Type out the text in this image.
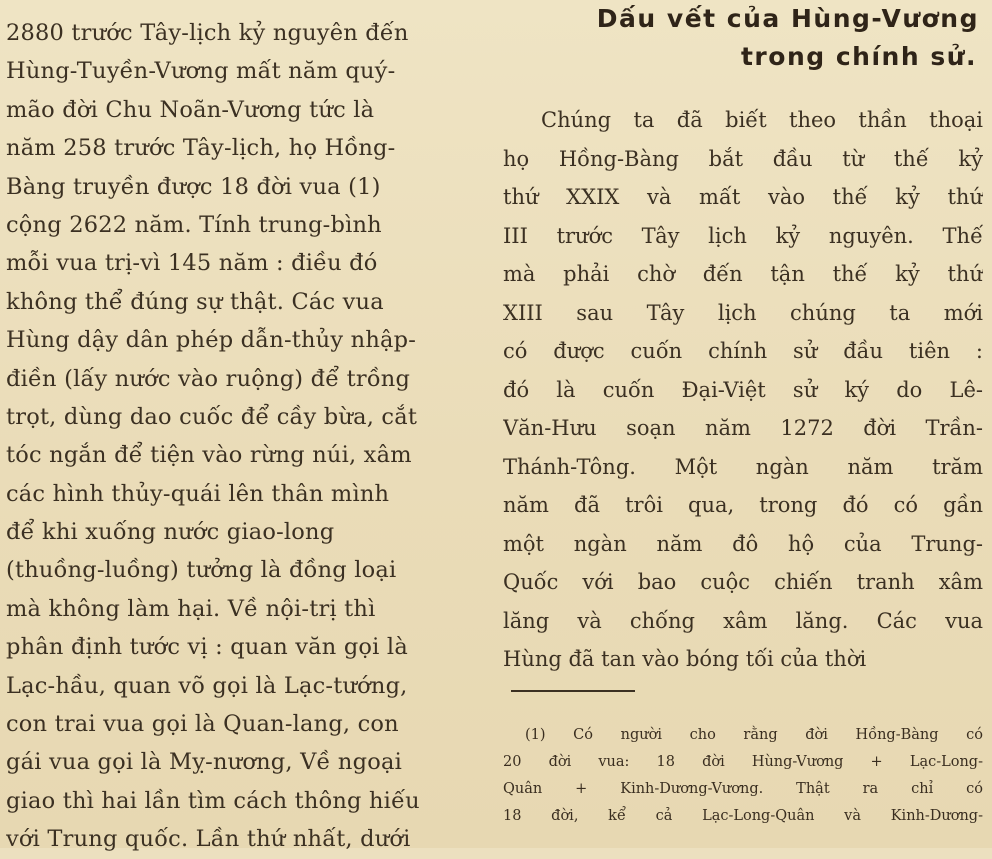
2880 trước Tây-lịch kỷ nguyên đến
Hùng-Tuyền-Vương mất năm quý-
mão đời Chu Noãn-Vương tức là
năm 258 trước Tây-lịch, họ Hồng-
Bàng truyền được 18 đời vua (1)
cộng 2622 năm. Tính trung-bình
mỗi vua trị-vì 145 năm : điều đó
không thể đúng sự thật. Các vua
Hùng dậy dân phép dẫn-thủy nhập-
điền (lấy nước vào ruộng) để trồng
trọt, dùng dao cuốc để cầy bừa, cắt
tóc ngắn để tiện vào rừng núi, xâm
các hình thủy-quái lên thân mình
để khi xuống nước giao-long
(thuồng-luồng) tưởng là đồng loại
mà không làm hại. Về nội-trị thì
phân định tước vị : quan văn gọi là
Lạc-hầu, quan võ gọi là Lạc-tướng,
con trai vua gọi là Quan-lang, con
gái vua gọi là Mỵ-nương, Về ngoại
giao thì hai lần tìm cách thông hiếu
với Trung quốc. Lần thứ nhất, dưới
Dấu vết của Hùng-Vương
trong chính sử.
Chúng ta đã biết theo thần thoại
họ Hồng-Bàng bắt đầu từ thế kỷ
thứ XXIX và mất vào thế kỷ thứ
III trước Tây lịch kỷ nguyên. Thế
mà phải chờ đến tận thế kỷ thứ
XIII sau Tây lịch chúng ta mới
có được cuốn chính sử đầu tiên :
đó là cuốn Đại-Việt sử ký do Lê-
Văn-Hưu soạn năm 1272 đời Trần-
Thánh-Tông. Một ngàn năm trăm
năm đã trôi qua, trong đó có gần
một ngàn năm đô hộ của Trung-
Quốc với bao cuộc chiến tranh xâm
lăng và chống xâm lăng. Các vua
Hùng đã tan vào bóng tối của thời
(1) Có người cho rằng đời Hồng-Bàng có
20 đời vua: 18 đời Hùng-Vương + Lạc-Long-
Quân + Kinh-Dương-Vương. Thật ra chỉ có
18 đời, kể cả Lạc-Long-Quân và Kinh-Dương-
